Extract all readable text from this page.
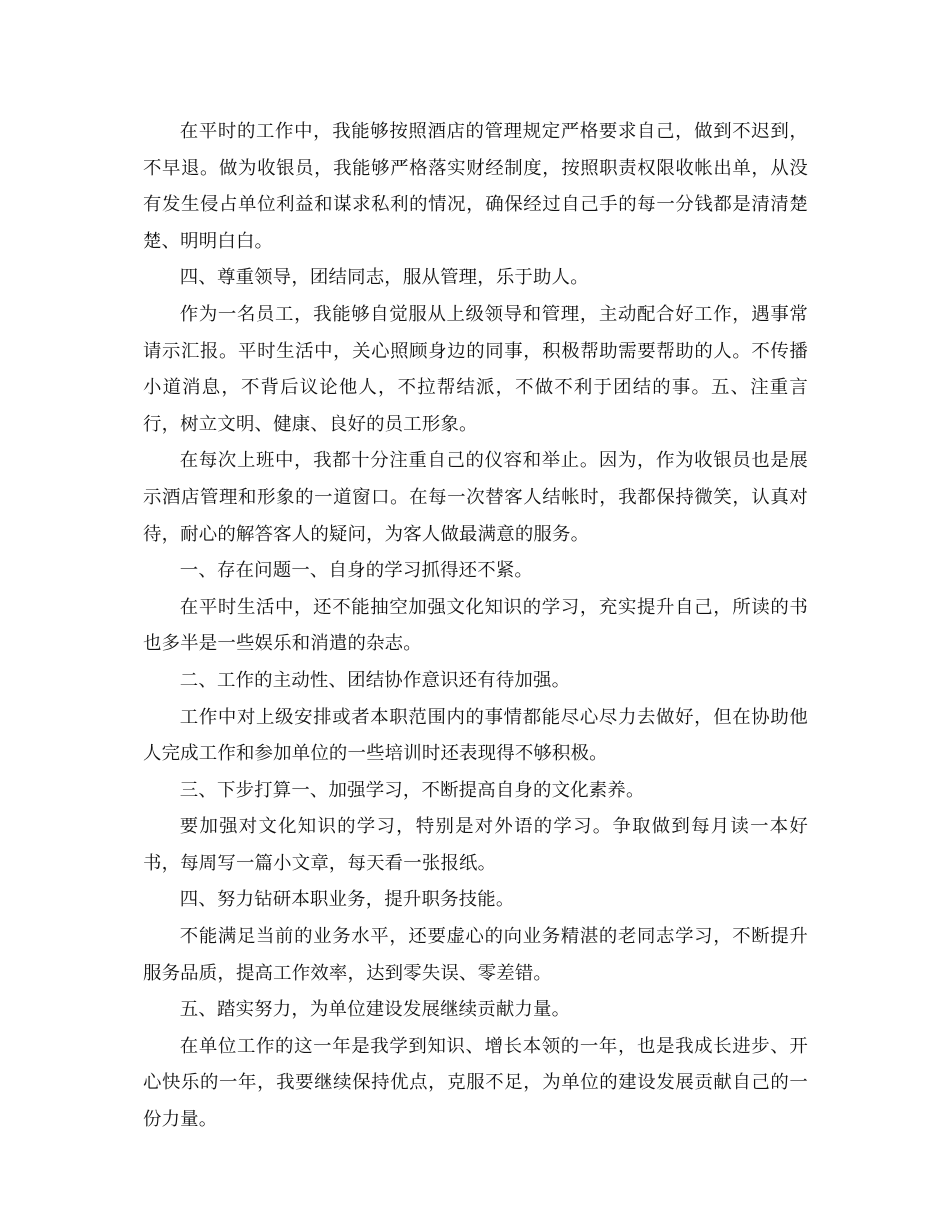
在平时的工作中，我能够按照酒店的管理规定严格要求自己，做到不迟到，不早退。做为收银员，我能够严格落实财经制度，按照职责权限收帐出单，从没有发生侵占单位利益和谋求私利的情况，确保经过自己手的每一分钱都是清清楚楚、明明白白。

四、尊重领导，团结同志，服从管理，乐于助人。

作为一名员工，我能够自觉服从上级领导和管理，主动配合好工作，遇事常请示汇报。平时生活中，关心照顾身边的同事，积极帮助需要帮助的人。不传播小道消息，不背后议论他人，不拉帮结派，不做不利于团结的事。五、注重言行，树立文明、健康、良好的员工形象。

在每次上班中，我都十分注重自己的仪容和举止。因为，作为收银员也是展示酒店管理和形象的一道窗口。在每一次替客人结帐时，我都保持微笑，认真对待，耐心的解答客人的疑问，为客人做最满意的服务。

一、存在问题一、自身的学习抓得还不紧。

在平时生活中，还不能抽空加强文化知识的学习，充实提升自己，所读的书也多半是一些娱乐和消遣的杂志。

二、工作的主动性、团结协作意识还有待加强。

工作中对上级安排或者本职范围内的事情都能尽心尽力去做好，但在协助他人完成工作和参加单位的一些培训时还表现得不够积极。

三、下步打算一、加强学习，不断提高自身的文化素养。

要加强对文化知识的学习，特别是对外语的学习。争取做到每月读一本好书，每周写一篇小文章，每天看一张报纸。

四、努力钻研本职业务，提升职务技能。

不能满足当前的业务水平，还要虚心的向业务精湛的老同志学习，不断提升服务品质，提高工作效率，达到零失误、零差错。

五、踏实努力，为单位建设发展继续贡献力量。

在单位工作的这一年是我学到知识、增长本领的一年，也是我成长进步、开心快乐的一年，我要继续保持优点，克服不足，为单位的建设发展贡献自己的一份力量。
